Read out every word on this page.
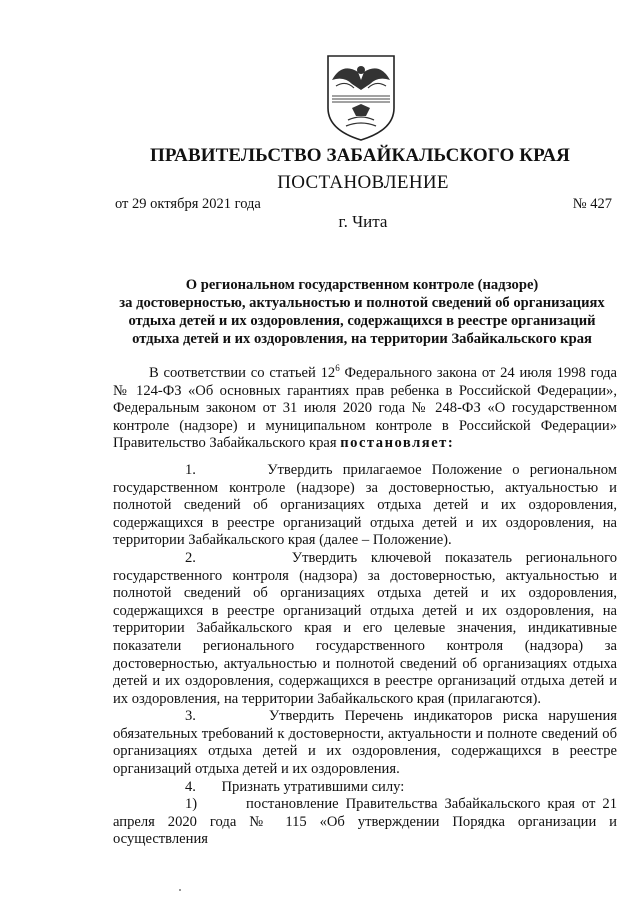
ПРАВИТЕЛЬСТВО ЗАБАЙКАЛЬСКОГО КРАЯ
ПОСТАНОВЛЕНИЕ
от 29 октября 2021 года	№ 427
г. Чита
О региональном государственном контроле (надзоре)
за достоверностью, актуальностью и полнотой сведений об организациях
отдыха детей и их оздоровления, содержащихся в реестре организаций
отдыха детей и их оздоровления, на территории Забайкальского края

В соответствии со статьей $12^6$ Федерального закона от 24 июля 1998 года № 124-ФЗ «Об основных гарантиях прав ребенка в Российской Федерации», Федеральным законом от 31 июля 2020 года № 248-ФЗ «О государственном контроле (надзоре) и муниципальном контроле в Российской Федерации» Правительство Забайкальского края постановляет:

1.	Утвердить прилагаемое Положение о региональном государственном контроле (надзоре) за достоверностью, актуальностью и полнотой сведений об организациях отдыха детей и их оздоровления, содержащихся в реестре организаций отдыха детей и их оздоровления, на территории Забайкальского края (далее – Положение).

2.	Утвердить ключевой показатель регионального государственного контроля (надзора) за достоверностью, актуальностью и полнотой сведений об организациях отдыха детей и их оздоровления, содержащихся в реестре организаций отдыха детей и их оздоровления, на территории Забайкальского края и его целевые значения, индикативные показатели регионального государственного контроля (надзора) за достоверностью, актуальностью и полнотой сведений об организациях отдыха детей и их оздоровления, содержащихся в реестре организаций отдыха детей и их оздоровления, на территории Забайкальского края (прилагаются).

3.	Утвердить Перечень индикаторов риска нарушения обязательных требований к достоверности, актуальности и полноте сведений об организациях отдыха детей и их оздоровления, содержащихся в реестре организаций отдыха детей и их оздоровления.

4. Признать утратившими силу:

1)	постановление Правительства Забайкальского края от 21 апреля 2020 года № 115 «Об утверждении Порядка организации и осуществления
